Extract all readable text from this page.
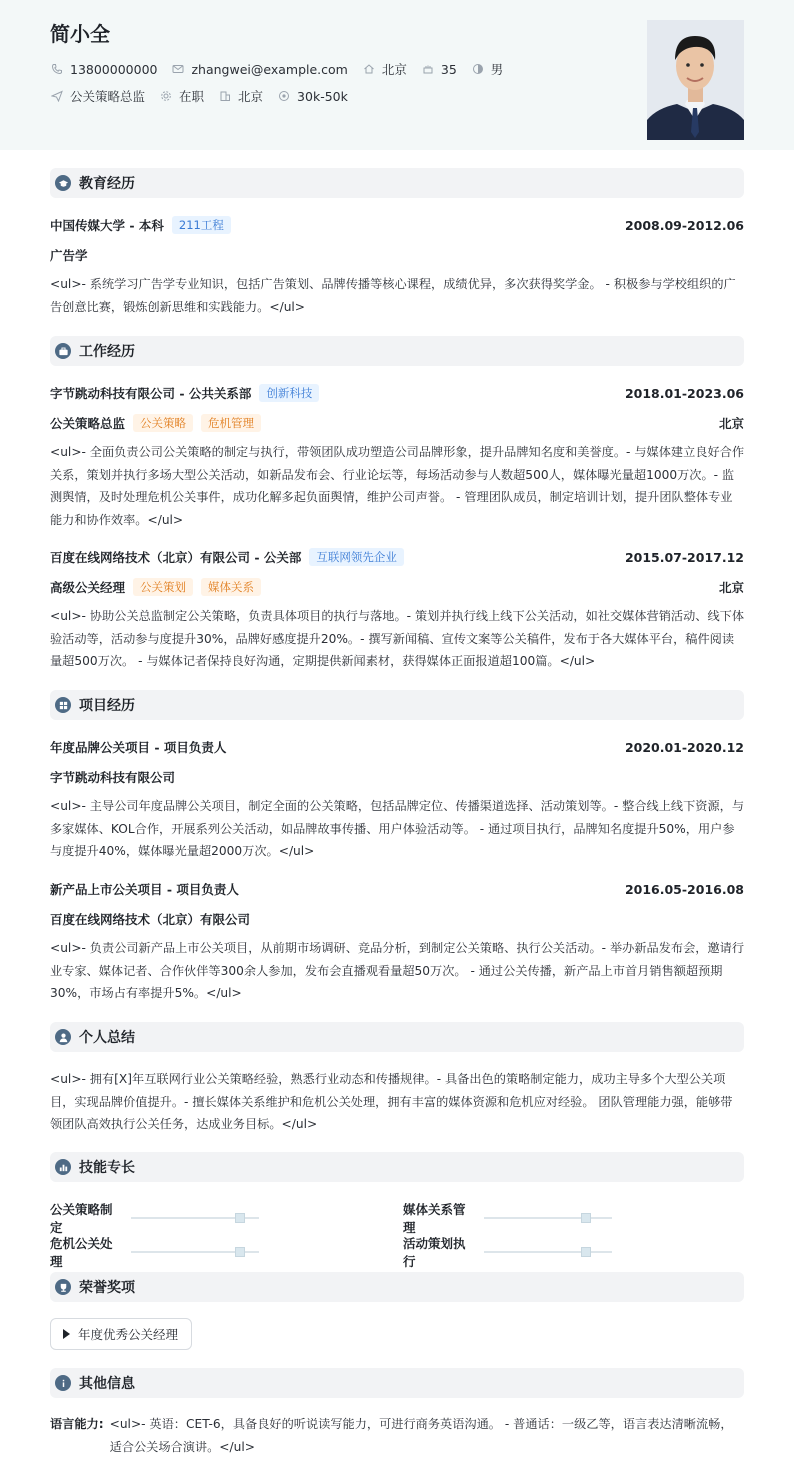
简小全
13800000000	zhangwei@example.com	北京	35	男
公关策略总监	在职	北京	30k-50k
教育经历
中国传媒大学 - 本科	211工程	2008.09-2012.06
广告学
<ul>- 系统学习广告学专业知识，包括广告策划、品牌传播等核心课程，成绩优异，多次获得奖学金。 - 积极参与学校组织的广告创意比赛，锻炼创新思维和实践能力。</ul>
工作经历
字节跳动科技有限公司 - 公共关系部	创新科技	2018.01-2023.06
公关策略总监	公关策略	危机管理	北京
<ul>- 全面负责公司公关策略的制定与执行，带领团队成功塑造公司品牌形象，提升品牌知名度和美誉度。- 与媒体建立良好合作关系，策划并执行多场大型公关活动，如新品发布会、行业论坛等，每场活动参与人数超500人，媒体曝光量超1000万次。- 监测舆情，及时处理危机公关事件，成功化解多起负面舆情，维护公司声誉。 - 管理团队成员，制定培训计划，提升团队整体专业能力和协作效率。</ul>
百度在线网络技术（北京）有限公司 - 公关部	互联网领先企业	2015.07-2017.12
高级公关经理	公关策划	媒体关系	北京
<ul>- 协助公关总监制定公关策略，负责具体项目的执行与落地。- 策划并执行线上线下公关活动，如社交媒体营销活动、线下体验活动等，活动参与度提升30%，品牌好感度提升20%。- 撰写新闻稿、宣传文案等公关稿件，发布于各大媒体平台，稿件阅读量超500万次。 - 与媒体记者保持良好沟通，定期提供新闻素材，获得媒体正面报道超100篇。</ul>
项目经历
年度品牌公关项目 - 项目负责人	2020.01-2020.12
字节跳动科技有限公司
<ul>- 主导公司年度品牌公关项目，制定全面的公关策略，包括品牌定位、传播渠道选择、活动策划等。- 整合线上线下资源，与多家媒体、KOL合作，开展系列公关活动，如品牌故事传播、用户体验活动等。 - 通过项目执行，品牌知名度提升50%，用户参与度提升40%，媒体曝光量超2000万次。</ul>
新产品上市公关项目 - 项目负责人	2016.05-2016.08
百度在线网络技术（北京）有限公司
<ul>- 负责公司新产品上市公关项目，从前期市场调研、竞品分析，到制定公关策略、执行公关活动。- 举办新品发布会，邀请行业专家、媒体记者、合作伙伴等300余人参加，发布会直播观看量超50万次。 - 通过公关传播，新产品上市首月销售额超预期30%，市场占有率提升5%。</ul>
个人总结
<ul>- 拥有[X]年互联网行业公关策略经验，熟悉行业动态和传播规律。- 具备出色的策略制定能力，成功主导多个大型公关项目，实现品牌价值提升。- 擅长媒体关系维护和危机公关处理，拥有丰富的媒体资源和危机应对经验。 团队管理能力强，能够带领团队高效执行公关任务，达成业务目标。</ul>
技能专长
公关策略制定
媒体关系管理
危机公关处理
活动策划执行
荣誉奖项
年度优秀公关经理
其他信息
语言能力: <ul>- 英语：CET-6，具备良好的听说读写能力，可进行商务英语沟通。 - 普通话：一级乙等，语言表达清晰流畅，适合公关场合演讲。</ul>
